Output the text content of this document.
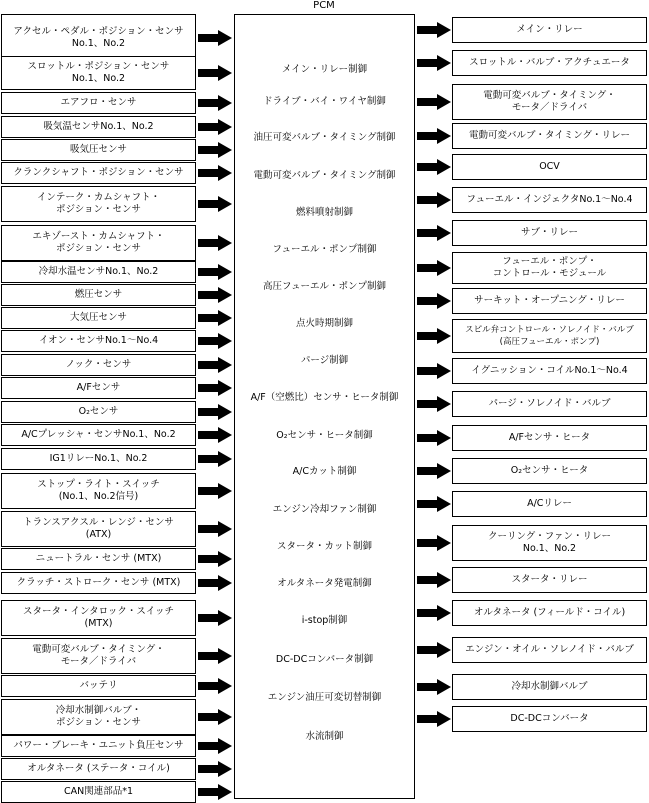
PCM
アクセル・ペダル・ポジション・センサ
No.1、No.2
スロットル・ポジション・センサ
No.1、No.2
エアフロ・センサ
吸気温センサNo.1、No.2
吸気圧センサ
クランクシャフト・ポジション・センサ
インテーク・カムシャフト・
ポジション・センサ
エキゾースト・カムシャフト・
ポジション・センサ
冷却水温センサNo.1、No.2
燃圧センサ
大気圧センサ
イオン・センサNo.1～No.4
ノック・センサ
A/Fセンサ
O₂センサ
A/Cプレッシャ・センサNo.1、No.2
IG1リレーNo.1、No.2
ストップ・ライト・スイッチ
(No.1、No.2信号)
トランスアクスル・レンジ・センサ
(ATX)
ニュートラル・センサ (MTX)
クラッチ・ストローク・センサ (MTX)
スタータ・インタロック・スイッチ
(MTX)
電動可変バルブ・タイミング・
モータ／ドライバ
バッテリ
冷却水制御バルブ・
ポジション・センサ
パワー・ブレーキ・ユニット負圧センサ
オルタネータ (ステータ・コイル)
CAN関連部品*1
メイン・リレー制御
ドライブ・バイ・ワイヤ制御
油圧可変バルブ・タイミング制御
電動可変バルブ・タイミング制御
燃料噴射制御
フューエル・ポンプ制御
高圧フューエル・ポンプ制御
点火時期制御
パージ制御
A/F（空燃比）センサ・ヒータ制御
O₂センサ・ヒータ制御
A/Cカット制御
エンジン冷却ファン制御
スタータ・カット制御
オルタネータ発電制御
i-stop制御
DC-DCコンバータ制御
エンジン油圧可変切替制御
水流制御
メイン・リレー
スロットル・バルブ・アクチュエータ
電動可変バルブ・タイミング・
モータ／ドライバ
電動可変バルブ・タイミング・リレー
OCV
フューエル・インジェクタNo.1～No.4
サブ・リレー
フューエル・ポンプ・
コントロール・モジュール
サーキット・オープニング・リレー
スピル弁コントロール・ソレノイド・バルブ
(高圧フューエル・ポンプ)
イグニッション・コイルNo.1～No.4
パージ・ソレノイド・バルブ
A/Fセンサ・ヒータ
O₂センサ・ヒータ
A/Cリレー
クーリング・ファン・リレー
No.1、No.2
スタータ・リレー
オルタネータ (フィールド・コイル)
エンジン・オイル・ソレノイド・バルブ
冷却水制御バルブ
DC-DCコンバータ
